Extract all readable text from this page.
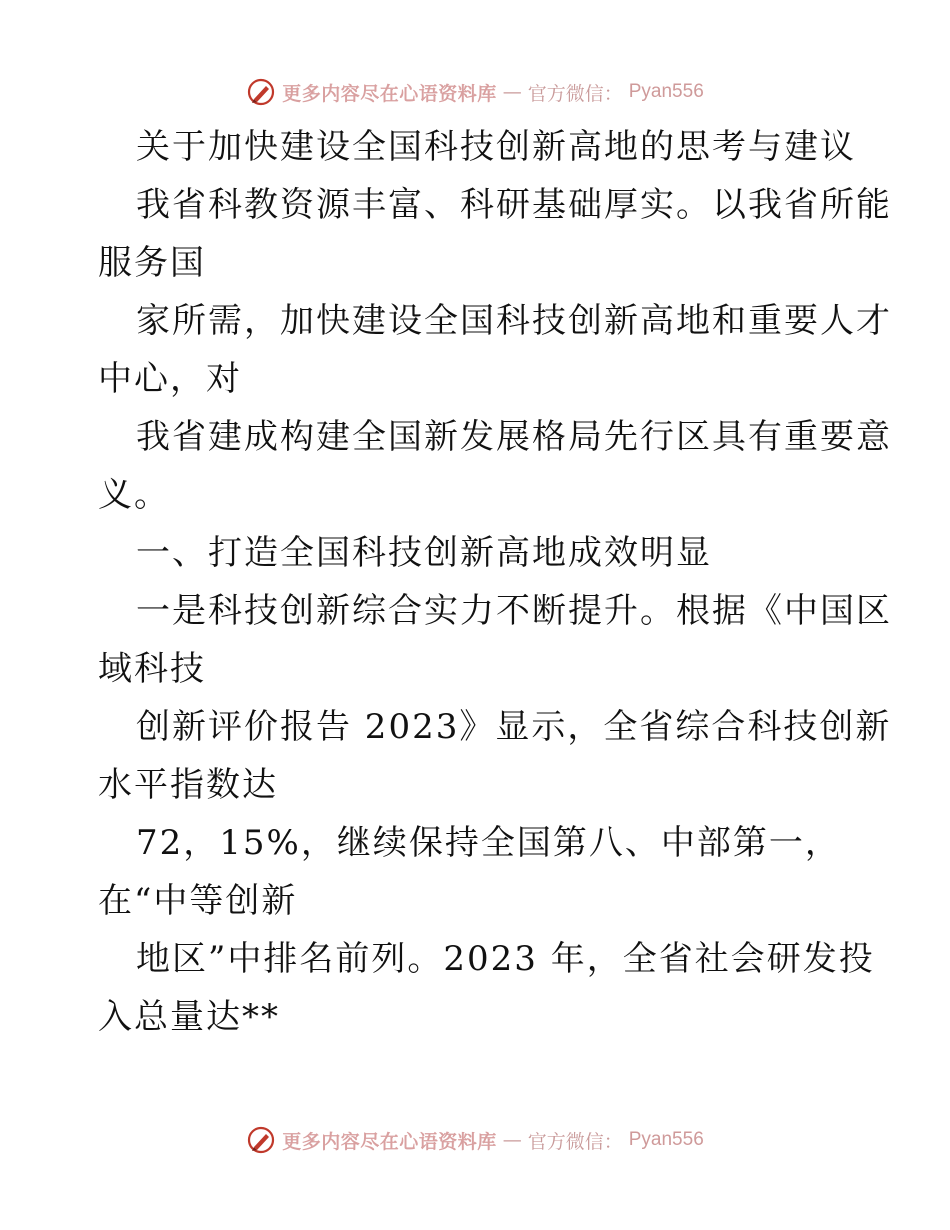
更多内容尽在心语资料库 — 官方微信： Pyan556
关于加快建设全国科技创新高地的思考与建议
我省科教资源丰富、科研基础厚实。以我省所能
服务国
家所需，加快建设全国科技创新高地和重要人才
中心，对
我省建成构建全国新发展格局先行区具有重要意
义。
一、打造全国科技创新高地成效明显
一是科技创新综合实力不断提升。根据《中国区
域科技
创新评价报告 2023》显示，全省综合科技创新
水平指数达
72，15%，继续保持全国第八、中部第一，
在“中等创新
地区”中排名前列。2023 年，全省社会研发投
入总量达**
更多内容尽在心语资料库 — 官方微信： Pyan556
